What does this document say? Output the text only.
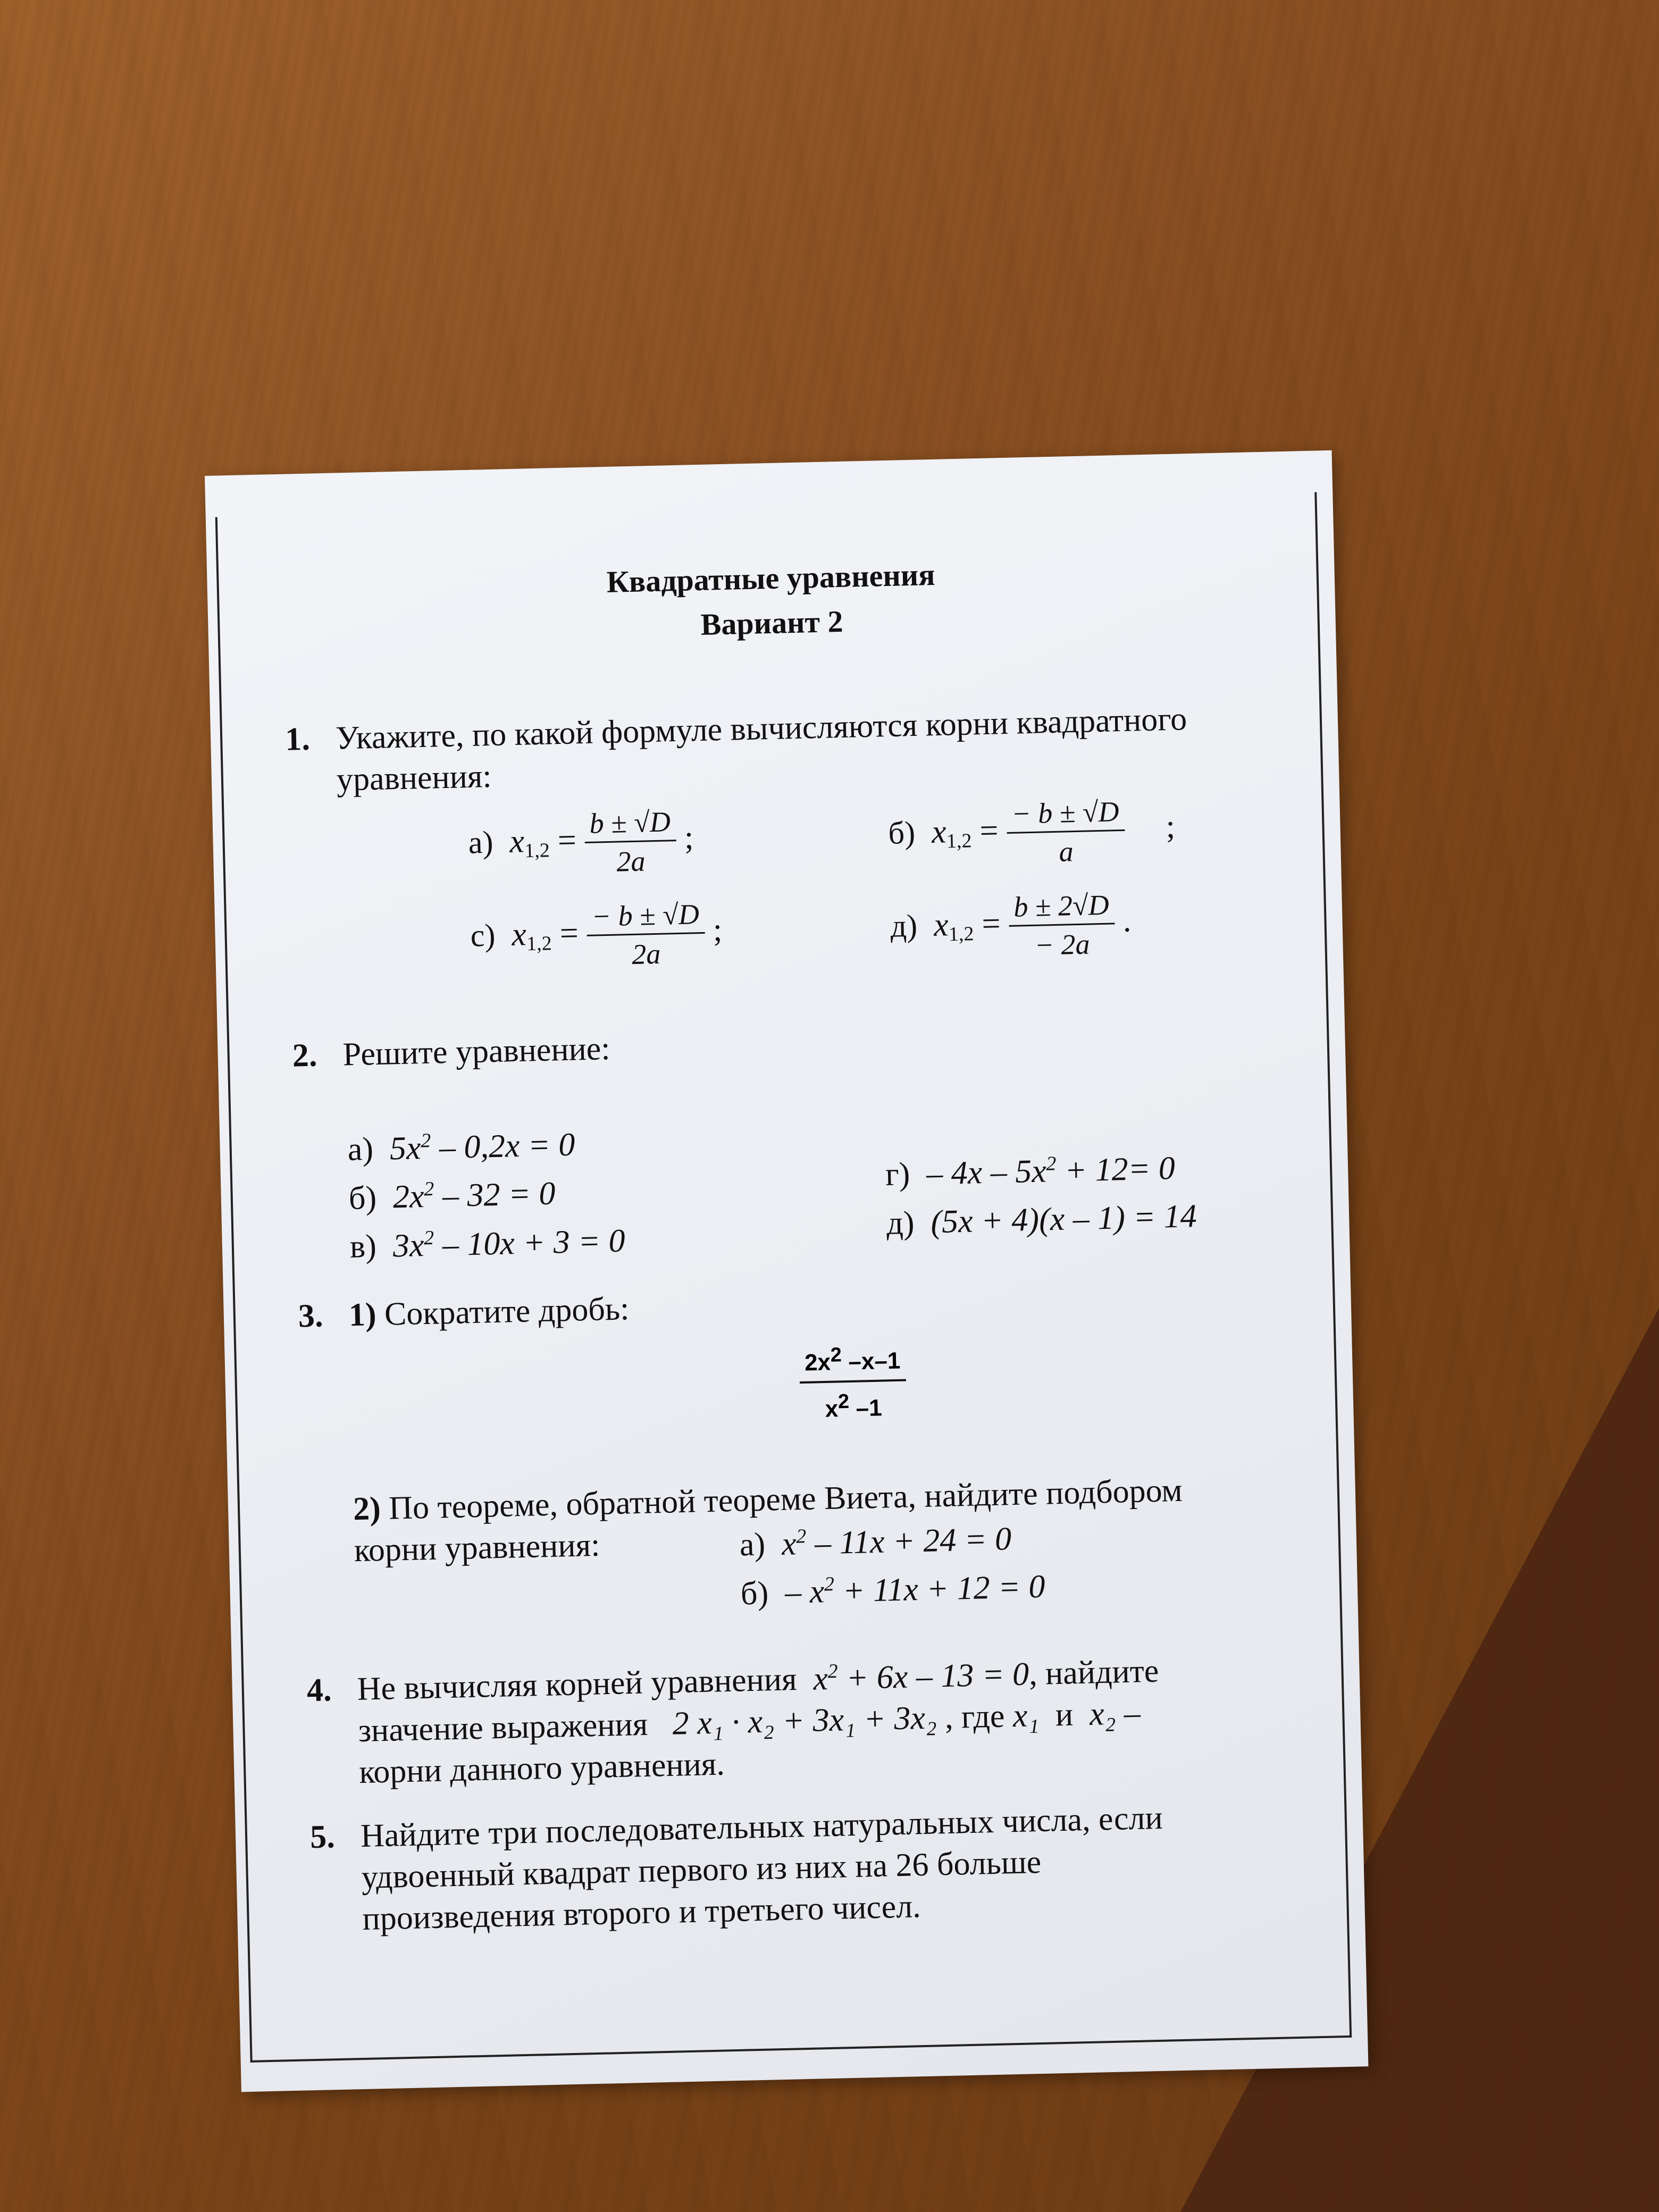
Квадратные уравнения
Вариант 2
1. Укажите, по какой формуле вычисляются корни квадратного
уравнения:
а) $x_{1,2} = \frac{b \pm √D}{2a}$ ;	б) $x_{1,2} = \frac{- b \pm √D}{a}$ ;
с) $x_{1,2} = \frac{- b \pm √D}{2a}$ ;	д) $x_{1,2} = \frac{b \pm 2√D}{- 2a}$ .
2. Решите уравнение:
а) $5x^2 - 0,2x = 0$
б) $2x^2 - 32 = 0$
в) $3x^2 - 10x + 3 = 0$
$г) - 4x - 5x^2 + 12= 0$
д) (5x + 4)(x – 1) = 14
3. 1) Сократите дробь:
$\frac{2x^2 -x-1}{x^2 -1}$
2) По теореме, обратной теореме Виета, найдите подбором
корни уравнения:	а) $x^2 - 11x + 24 = 0$
$б) - x^2 + 11x + 12 = 0$
4. Не вычисляя корней уравнения $x^2 + 6x - 13 = 0$, найдите
значение выражения 2 x₁ · x₂ + 3x₁ + 3x₂ , где x₁ и x₂ –
корни данного уравнения.
5. Найдите три последовательных натуральных числа, если
удвоенный квадрат первого из них на 26 больше
произведения второго и третьего чисел.
